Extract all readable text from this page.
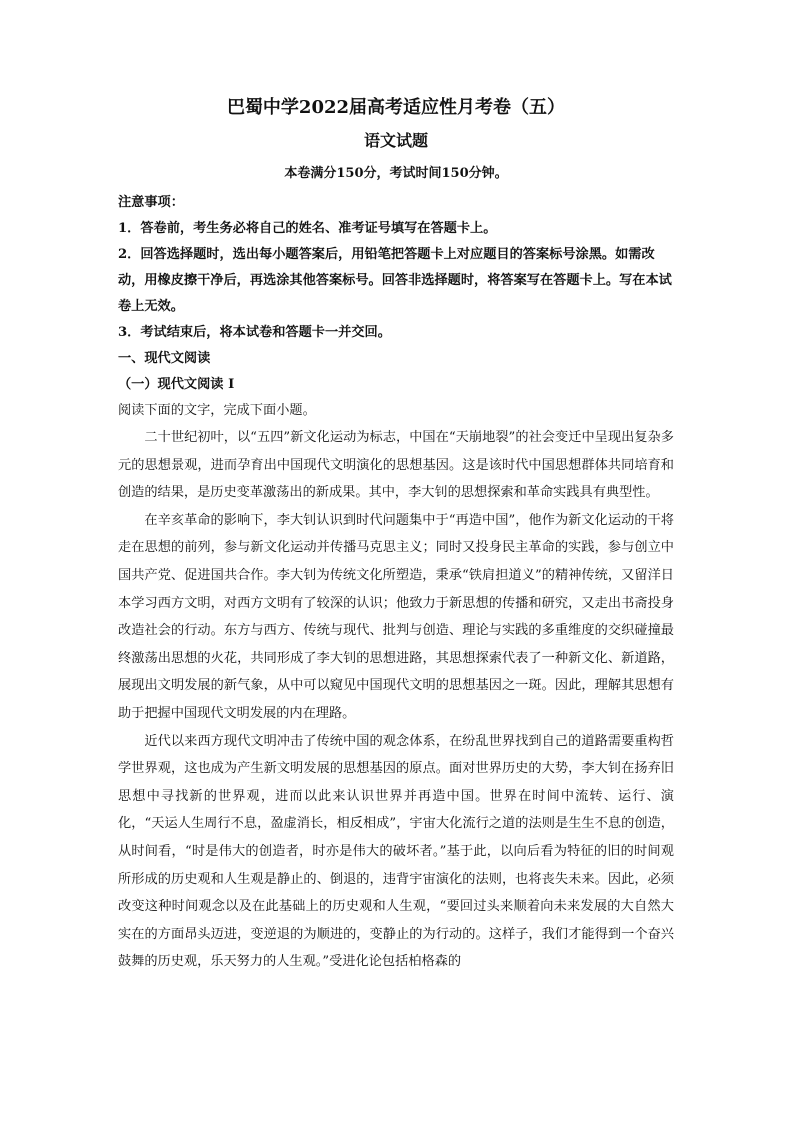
巴蜀中学2022届高考适应性月考卷（五）
语文试题
本卷满分150分，考试时间150分钟。
注意事项：

1．答卷前，考生务必将自己的姓名、准考证号填写在答题卡上。

2．回答选择题时，选出每小题答案后，用铅笔把答题卡上对应题目的答案标号涂黑。如需改动，用橡皮擦干净后，再选涂其他答案标号。回答非选择题时，将答案写在答题卡上。写在本试卷上无效。

3．考试结束后，将本试卷和答题卡一并交回。

一、现代文阅读
（一）现代文阅读 I
阅读下面的文字，完成下面小题。

二十世纪初叶，以“五四”新文化运动为标志，中国在“天崩地裂”的社会变迁中呈现出复杂多元的思想景观，进而孕育出中国现代文明演化的思想基因。这是该时代中国思想群体共同培育和创造的结果，是历史变革激荡出的新成果。其中，李大钊的思想探索和革命实践具有典型性。

在辛亥革命的影响下，李大钊认识到时代问题集中于“再造中国”，他作为新文化运动的干将走在思想的前列，参与新文化运动并传播马克思主义；同时又投身民主革命的实践，参与创立中国共产党、促进国共合作。李大钊为传统文化所塑造，秉承“铁肩担道义”的精神传统，又留洋日本学习西方文明，对西方文明有了较深的认识；他致力于新思想的传播和研究，又走出书斋投身改造社会的行动。东方与西方、传统与现代、批判与创造、理论与实践的多重维度的交织碰撞最终激荡出思想的火花，共同形成了李大钊的思想进路，其思想探索代表了一种新文化、新道路，展现出文明发展的新气象，从中可以窥见中国现代文明的思想基因之一斑。因此，理解其思想有助于把握中国现代文明发展的内在理路。

近代以来西方现代文明冲击了传统中国的观念体系，在纷乱世界找到自己的道路需要重构哲学世界观，这也成为产生新文明发展的思想基因的原点。面对世界历史的大势，李大钊在扬弃旧思想中寻找新的世界观，进而以此来认识世界并再造中国。世界在时间中流转、运行、演化，“天运人生周行不息，盈虚消长，相反相成”，宇宙大化流行之道的法则是生生不息的创造，从时间看，“时是伟大的创造者，时亦是伟大的破坏者。”基于此，以向后看为特征的旧的时间观所形成的历史观和人生观是静止的、倒退的，违背宇宙演化的法则，也将丧失未来。因此，必须改变这种时间观念以及在此基础上的历史观和人生观，“要回过头来顺着向未来发展的大自然大实在的方面昂头迈进，变逆退的为顺进的，变静止的为行动的。这样子，我们才能得到一个奋兴鼓舞的历史观，乐天努力的人生观。”受进化论包括柏格森的
